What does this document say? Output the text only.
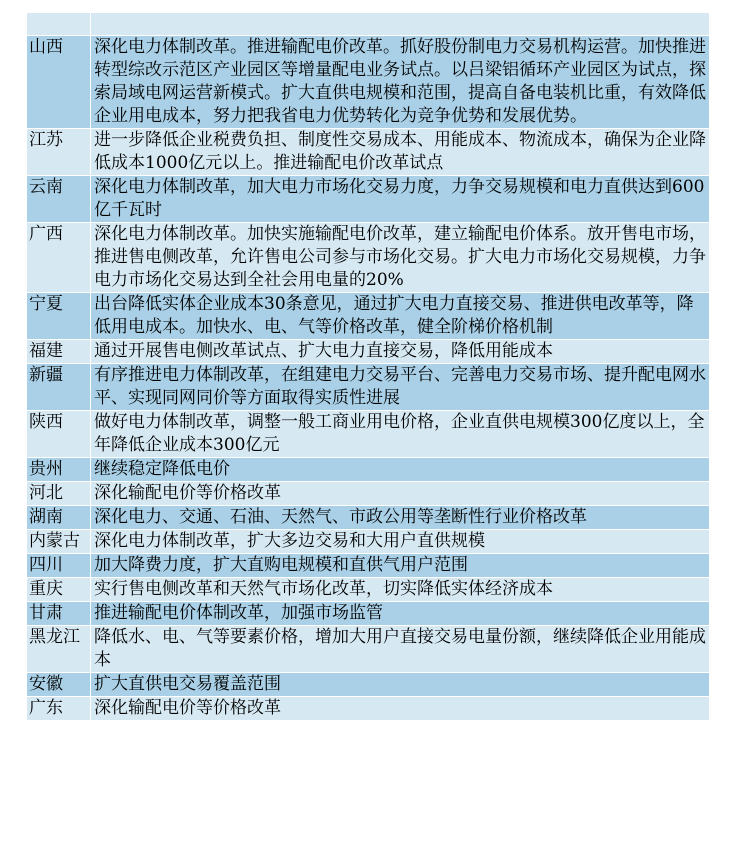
山西	深化电力体制改革。推进输配电价改革。抓好股份制电力交易机构运营。加快推进转型综改示范区产业园区等增量配电业务试点。以吕梁铝循环产业园区为试点，探索局域电网运营新模式。扩大直供电规模和范围，提高自备电装机比重，有效降低企业用电成本，努力把我省电力优势转化为竞争优势和发展优势。
江苏	进一步降低企业税费负担、制度性交易成本、用能成本、物流成本，确保为企业降低成本1000亿元以上。推进输配电价改革试点
云南	深化电力体制改革，加大电力市场化交易力度，力争交易规模和电力直供达到600亿千瓦时
广西	深化电力体制改革。加快实施输配电价改革，建立输配电价体系。放开售电市场，推进售电侧改革，允许售电公司参与市场化交易。扩大电力市场化交易规模，力争电力市场化交易达到全社会用电量的20%
宁夏	出台降低实体企业成本30条意见，通过扩大电力直接交易、推进供电改革等，降低用电成本。加快水、电、气等价格改革，健全阶梯价格机制
福建	通过开展售电侧改革试点、扩大电力直接交易，降低用能成本
新疆	有序推进电力体制改革，在组建电力交易平台、完善电力交易市场、提升配电网水平、实现同网同价等方面取得实质性进展
陕西	做好电力体制改革，调整一般工商业用电价格，企业直供电规模300亿度以上，全年降低企业成本300亿元
贵州	继续稳定降低电价
河北	深化输配电价等价格改革
湖南	深化电力、交通、石油、天然气、市政公用等垄断性行业价格改革
内蒙古	深化电力体制改革，扩大多边交易和大用户直供规模
四川	加大降费力度，扩大直购电规模和直供气用户范围
重庆	实行售电侧改革和天然气市场化改革，切实降低实体经济成本
甘肃	推进输配电价体制改革，加强市场监管
黑龙江	降低水、电、气等要素价格，增加大用户直接交易电量份额，继续降低企业用能成本
安徽	扩大直供电交易覆盖范围
广东	深化输配电价等价格改革
